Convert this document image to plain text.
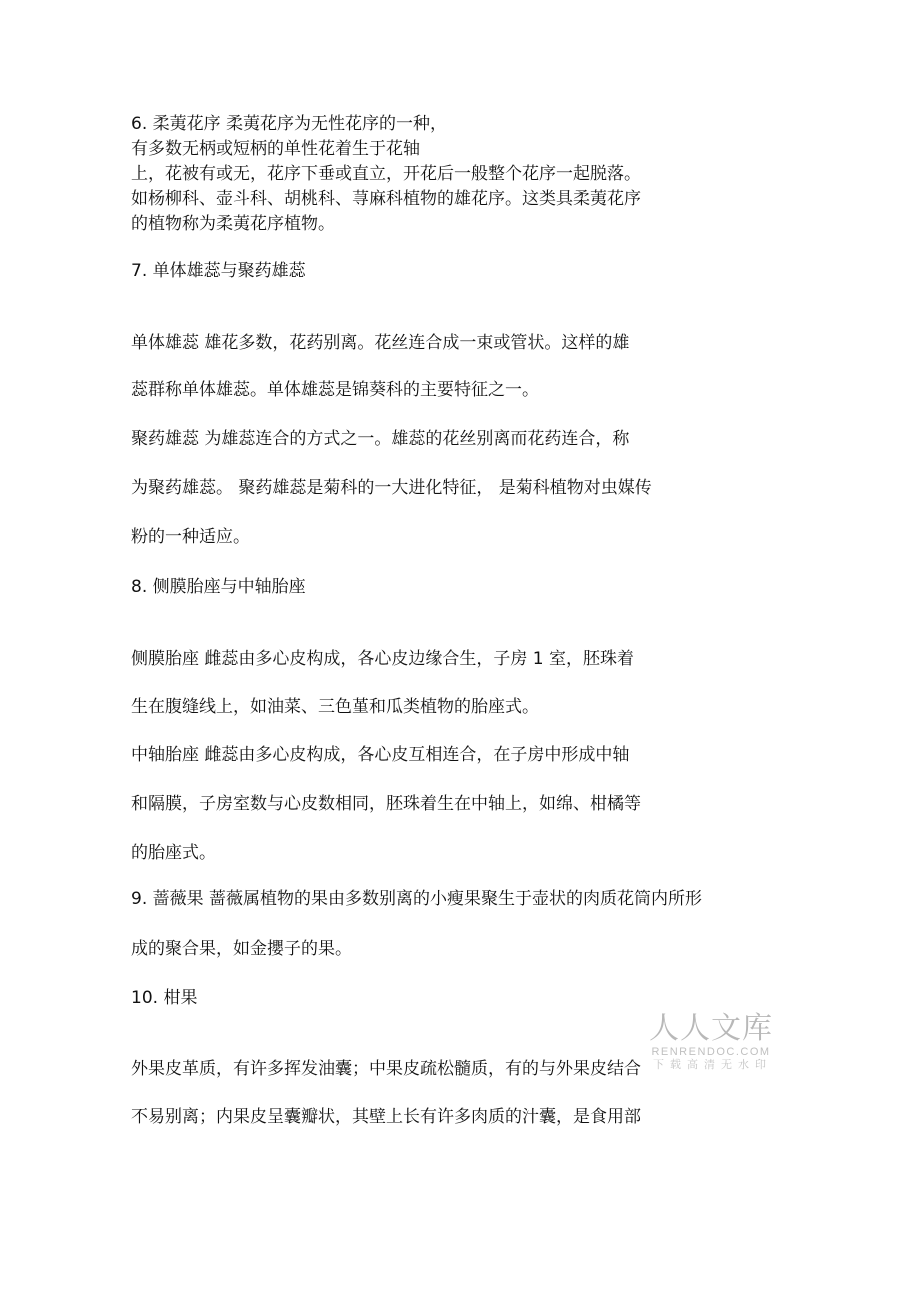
6. 柔荑花序 柔荑花序为无性花序的一种，
有多数无柄或短柄的单性花着生于花轴
上，花被有或无，花序下垂或直立，开花后一般整个花序一起脱落。
如杨柳科、壶斗科、胡桃科、荨麻科植物的雄花序。这类具柔荑花序
的植物称为柔荑花序植物。
7. 单体雄蕊与聚药雄蕊
单体雄蕊 雄花多数，花药别离。花丝连合成一束或管状。这样的雄
蕊群称单体雄蕊。单体雄蕊是锦葵科的主要特征之一。
聚药雄蕊 为雄蕊连合的方式之一。雄蕊的花丝别离而花药连合，称
为聚药雄蕊。 聚药雄蕊是菊科的一大进化特征， 是菊科植物对虫媒传
粉的一种适应。
8. 侧膜胎座与中轴胎座
侧膜胎座 雌蕊由多心皮构成，各心皮边缘合生，子房 1 室，胚珠着
生在腹缝线上，如油菜、三色堇和瓜类植物的胎座式。
中轴胎座 雌蕊由多心皮构成，各心皮互相连合，在子房中形成中轴
和隔膜，子房室数与心皮数相同，胚珠着生在中轴上，如绵、柑橘等
的胎座式。
9. 蔷薇果 蔷薇属植物的果由多数别离的小瘦果聚生于壶状的肉质花筒内所形
成的聚合果，如金攖子的果。
10. 柑果
外果皮革质，有许多挥发油囊；中果皮疏松髓质，有的与外果皮结合
不易别离；内果皮呈囊瓣状，其壁上长有许多肉质的汁囊，是食用部
人人文库
RENRENDOC.COM
下载高清无水印
